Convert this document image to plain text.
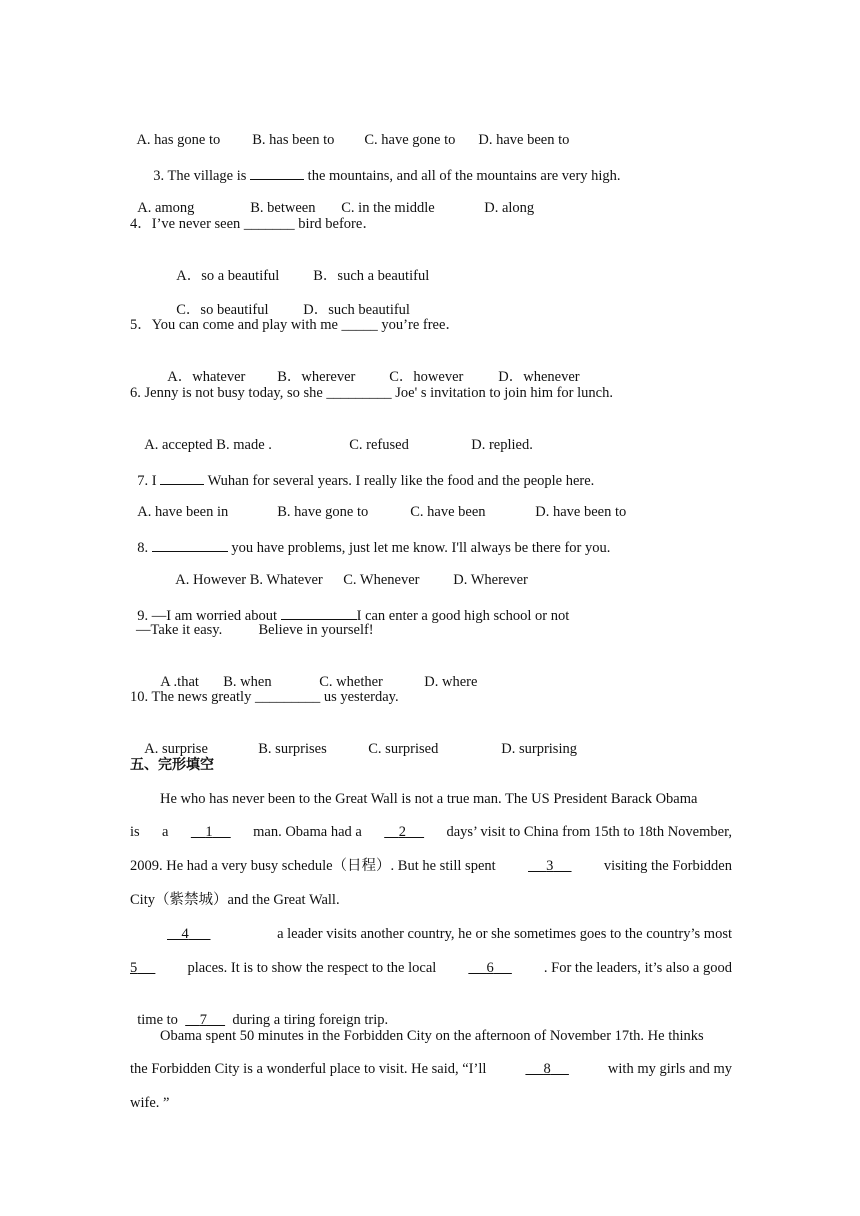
A. has gone to B. has been to C. have gone to D. have been to

3. The village is	the mountains, and all of the mountains are very high.

A. among	B. between C. in the middle	D. along

4．I’ve never seen _______ bird before．

A．so a beautiful B．such a beautiful

C．so beautiful D．such beautiful

5．You can come and play with me _____ you’re free．

A．whatever B．wherever C．however D．whenever

6. Jenny is not busy today, so she _________ Joe' s invitation to join him for lunch.

A. accepted B. made .	C. refused	D. replied.

7. I	Wuhan for several years. I really like the food and the people here.

A. have been in	B. have gone to	C. have been	D. have been to

8.	you have problems, just let me know. I'll always be there for you.

A. However B. Whatever C. Whenever D. Wherever

9. —I am worried about	I can enter a good high school or not

—Take it easy.          Believe in yourself!

A .that B. when	C. whether	D. where

10. The news greatly _________ us yesterday.

A. surprise	B. surprises	C. surprised	D. surprising

五、完形填空
He who has never been to the Great Wall is not a true man. The US President Barack Obama
is a	1	man. Obama had a	2	days’ visit to China from 15th to 18th November,
2009. He had a very busy schedule（日程）. But he still spent	3	visiting the Forbidden
City（紫禁城）and the Great Wall.
4	a leader visits another country, he or she sometimes goes to the country’s most
5	places. It is to show the respect to the local	6	. For the leaders, it’s also a good

time to 7 during a tiring foreign trip.

Obama spent 50 minutes in the Forbidden City on the afternoon of November 17th. He thinks
the Forbidden City is a wonderful place to visit. He said, “I’ll	8	with my girls and my
wife. ”
